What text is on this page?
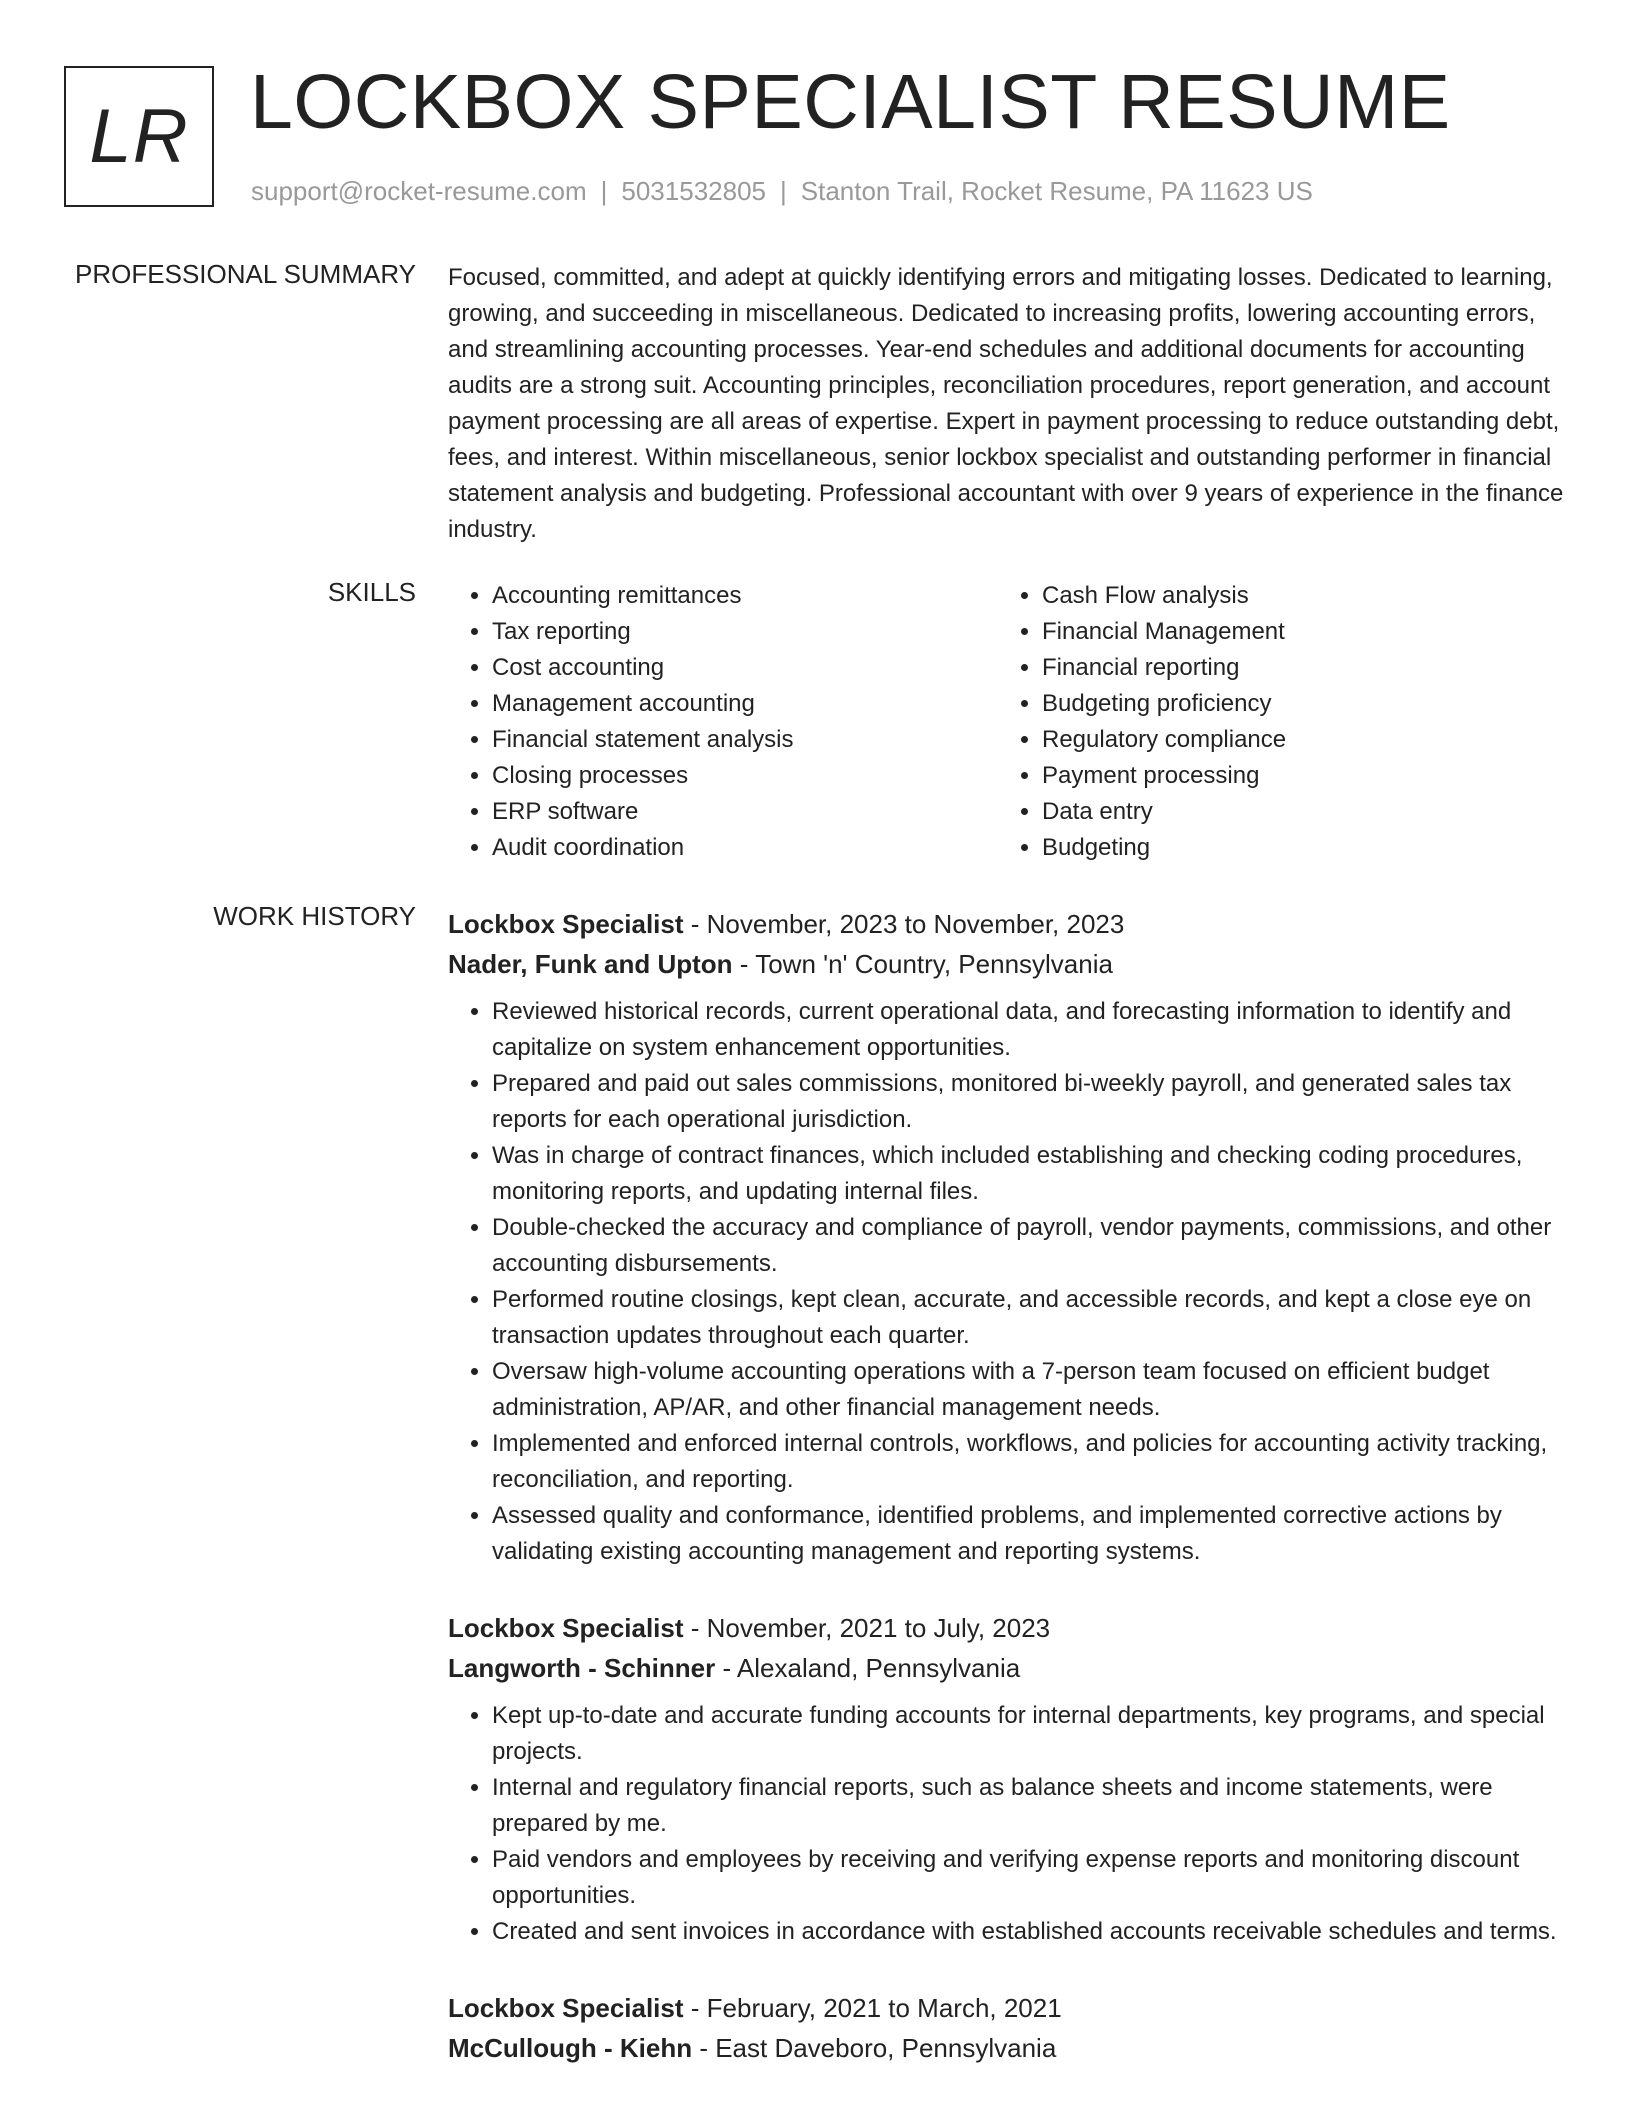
LR LOCKBOX SPECIALIST RESUME
support@rocket-resume.com | 5031532805 | Stanton Trail, Rocket Resume, PA 11623 US
PROFESSIONAL SUMMARY Focused, committed, and adept at quickly identifying errors and mitigating losses. Dedicated to learning, growing, and succeeding in miscellaneous. Dedicated to increasing profits, lowering accounting errors, and streamlining accounting processes. Year-end schedules and additional documents for accounting audits are a strong suit. Accounting principles, reconciliation procedures, report generation, and account payment processing are all areas of expertise. Expert in payment processing to reduce outstanding debt, fees, and interest. Within miscellaneous, senior lockbox specialist and outstanding performer in financial statement analysis and budgeting. Professional accountant with over 9 years of experience in the finance industry.

SKILLS
•	Accounting remittances
• Tax reporting
• Cost accounting
• Management accounting
• Financial statement analysis
• Closing processes
• ERP software
• Audit coordination
• Cash Flow analysis
• Financial Management
• Financial reporting
• Budgeting proficiency
• Regulatory compliance
• Payment processing
• Data entry
• Budgeting
WORK HISTORY Lockbox Specialist - November, 2023 to November, 2023
Nader, Funk and Upton - Town 'n' Country, Pennsylvania
• Reviewed historical records, current operational data, and forecasting information to identify and capitalize on system enhancement opportunities.
• Prepared and paid out sales commissions, monitored bi-weekly payroll, and generated sales tax reports for each operational jurisdiction.
• Was in charge of contract finances, which included establishing and checking coding procedures, monitoring reports, and updating internal files.
• Double-checked the accuracy and compliance of payroll, vendor payments, commissions, and other accounting disbursements.
• Performed routine closings, kept clean, accurate, and accessible records, and kept a close eye on transaction updates throughout each quarter.
• Oversaw high-volume accounting operations with a 7-person team focused on efficient budget administration, AP/AR, and other financial management needs.
• Implemented and enforced internal controls, workflows, and policies for accounting activity tracking, reconciliation, and reporting.
• Assessed quality and conformance, identified problems, and implemented corrective actions by validating existing accounting management and reporting systems.
Lockbox Specialist - November, 2021 to July, 2023
Langworth - Schinner - Alexaland, Pennsylvania
• Kept up-to-date and accurate funding accounts for internal departments, key programs, and special projects.
• Internal and regulatory financial reports, such as balance sheets and income statements, were prepared by me.
• Paid vendors and employees by receiving and verifying expense reports and monitoring discount opportunities.
• Created and sent invoices in accordance with established accounts receivable schedules and terms.
Lockbox Specialist - February, 2021 to March, 2021
McCullough - Kiehn - East Daveboro, Pennsylvania
